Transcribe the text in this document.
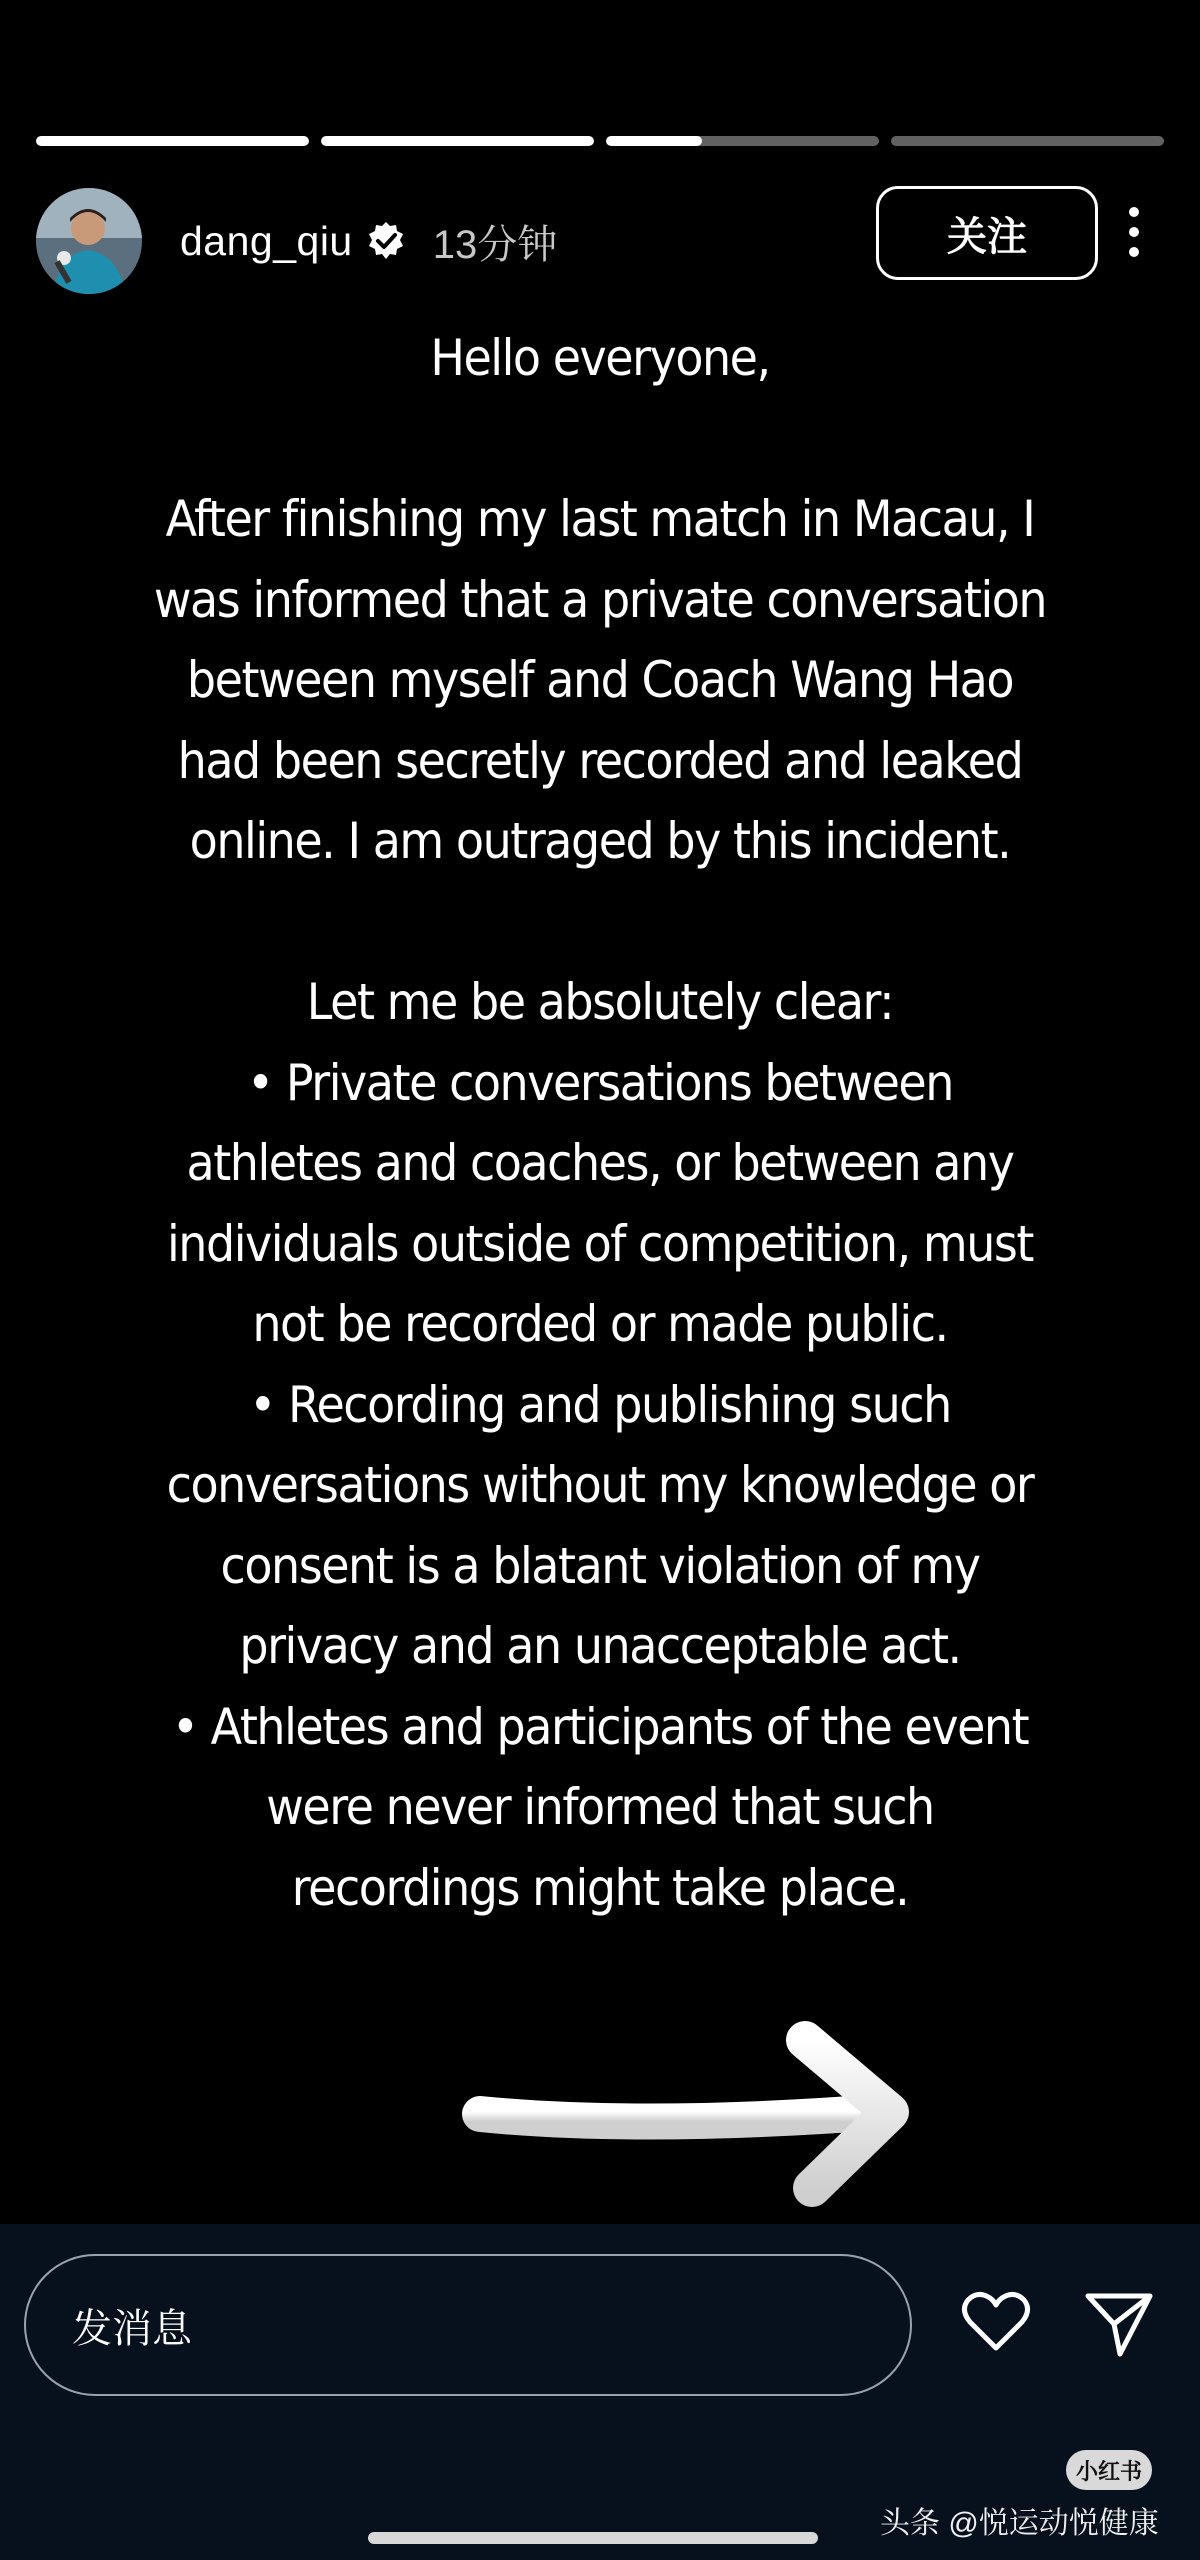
dang_qiu 13分钟	关注

Hello everyone,

After finishing my last match in Macau, I

was informed that a private conversation

between myself and Coach Wang Hao

had been secretly recorded and leaked

online. I am outraged by this incident.

Let me be absolutely clear:

• Private conversations between

athletes and coaches, or between any

individuals outside of competition, must

not be recorded or made public.

• Recording and publishing such

conversations without my knowledge or

consent is a blatant violation of my

privacy and an unacceptable act.

• Athletes and participants of the event

were never informed that such

recordings might take place.

发消息
小红书
头条 @悦运动悦健康
